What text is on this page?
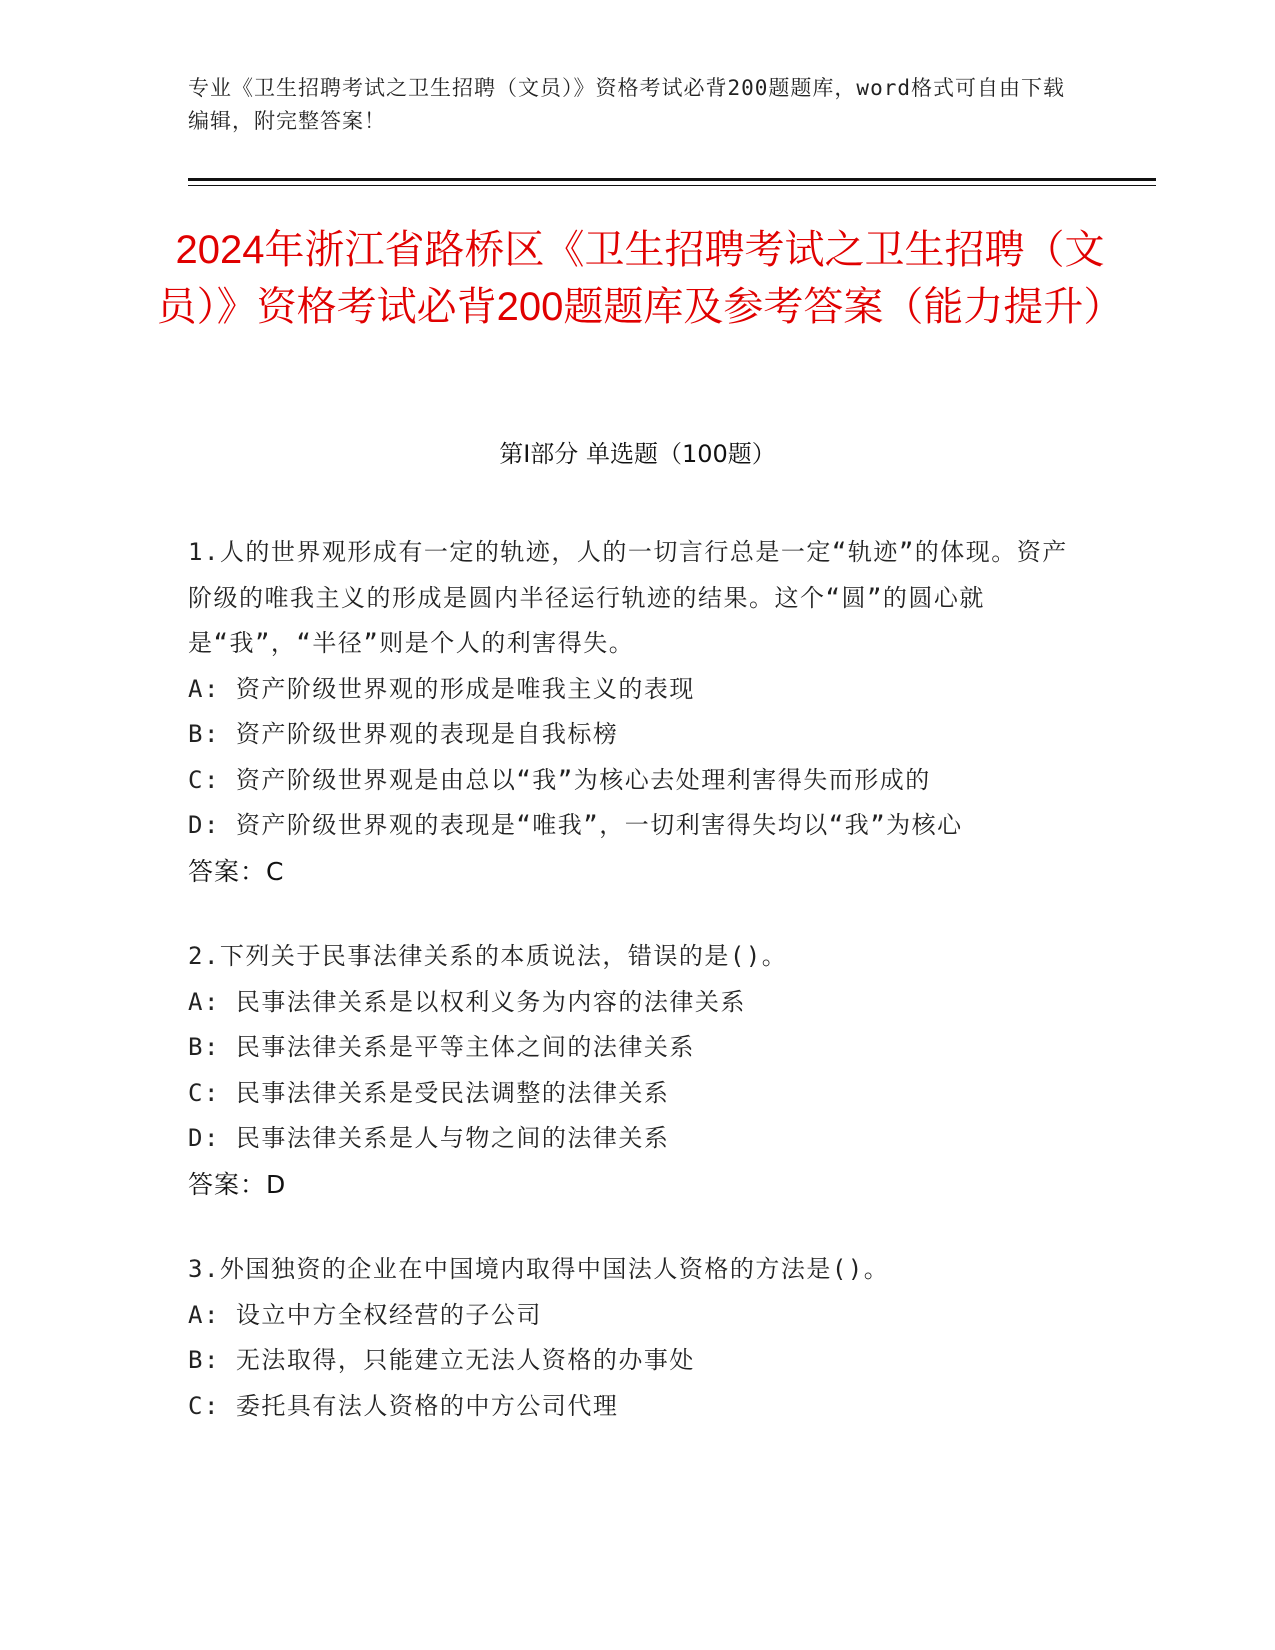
专业《卫生招聘考试之卫生招聘（文员）》资格考试必背200题题库，word格式可自由下载编辑，附完整答案！
2024年浙江省路桥区《卫生招聘考试之卫生招聘（文员）》资格考试必背200题题库及参考答案（能力提升）
第Ⅰ部分 单选题（100题）
1.人的世界观形成有一定的轨迹，人的一切言行总是一定“轨迹”的体现。资产阶级的唯我主义的形成是圆内半径运行轨迹的结果。这个“圆”的圆心就是“我”，“半径”则是个人的利害得失。
A: 资产阶级世界观的形成是唯我主义的表现
B: 资产阶级世界观的表现是自我标榜
C: 资产阶级世界观是由总以“我”为核心去处理利害得失而形成的
D: 资产阶级世界观的表现是“唯我”，一切利害得失均以“我”为核心
答案：C
2.下列关于民事法律关系的本质说法，错误的是()。
A: 民事法律关系是以权利义务为内容的法律关系
B: 民事法律关系是平等主体之间的法律关系
C: 民事法律关系是受民法调整的法律关系
D: 民事法律关系是人与物之间的法律关系
答案：D
3.外国独资的企业在中国境内取得中国法人资格的方法是()。
A: 设立中方全权经营的子公司
B: 无法取得，只能建立无法人资格的办事处
C: 委托具有法人资格的中方公司代理
